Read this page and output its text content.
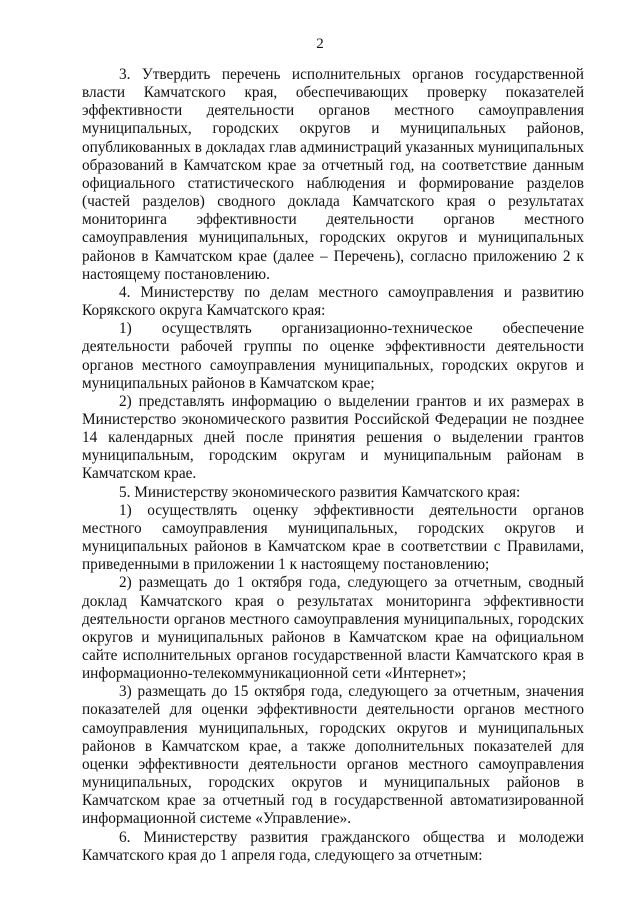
2

3. Утвердить перечень исполнительных органов государственной власти Камчатского края, обеспечивающих проверку показателей эффективности деятельности органов местного самоуправления муниципальных, городских округов и муниципальных районов, опубликованных в докладах глав администраций указанных муниципальных образований в Камчатском крае за отчетный год, на соответствие данным официального статистического наблюдения и формирование разделов (частей разделов) сводного доклада Камчатского края о результатах мониторинга эффективности деятельности органов местного самоуправления муниципальных, городских округов и муниципальных районов в Камчатском крае (далее – Перечень), согласно приложению 2 к настоящему постановлению.

4. Министерству по делам местного самоуправления и развитию Корякского округа Камчатского края:

1) осуществлять организационно-техническое обеспечение деятельности рабочей группы по оценке эффективности деятельности органов местного самоуправления муниципальных, городских округов и муниципальных районов в Камчатском крае;

2) представлять информацию о выделении грантов и их размерах в Министерство экономического развития Российской Федерации не позднее 14 календарных дней после принятия решения о выделении грантов муниципальным, городским округам и муниципальным районам в Камчатском крае.

5. Министерству экономического развития Камчатского края:

1) осуществлять оценку эффективности деятельности органов местного самоуправления муниципальных, городских округов и муниципальных районов в Камчатском крае в соответствии с Правилами, приведенными в приложении 1 к настоящему постановлению;

2) размещать до 1 октября года, следующего за отчетным, сводный доклад Камчатского края о результатах мониторинга эффективности деятельности органов местного самоуправления муниципальных, городских округов и муниципальных районов в Камчатском крае на официальном сайте исполнительных органов государственной власти Камчатского края в информационно-телекоммуникационной сети «Интернет»;

3) размещать до 15 октября года, следующего за отчетным, значения показателей для оценки эффективности деятельности органов местного самоуправления муниципальных, городских округов и муниципальных районов в Камчатском крае, а также дополнительных показателей для оценки эффективности деятельности органов местного самоуправления муниципальных, городских округов и муниципальных районов в Камчатском крае за отчетный год в государственной автоматизированной информационной системе «Управление».

6. Министерству развития гражданского общества и молодежи Камчатского края до 1 апреля года, следующего за отчетным:
